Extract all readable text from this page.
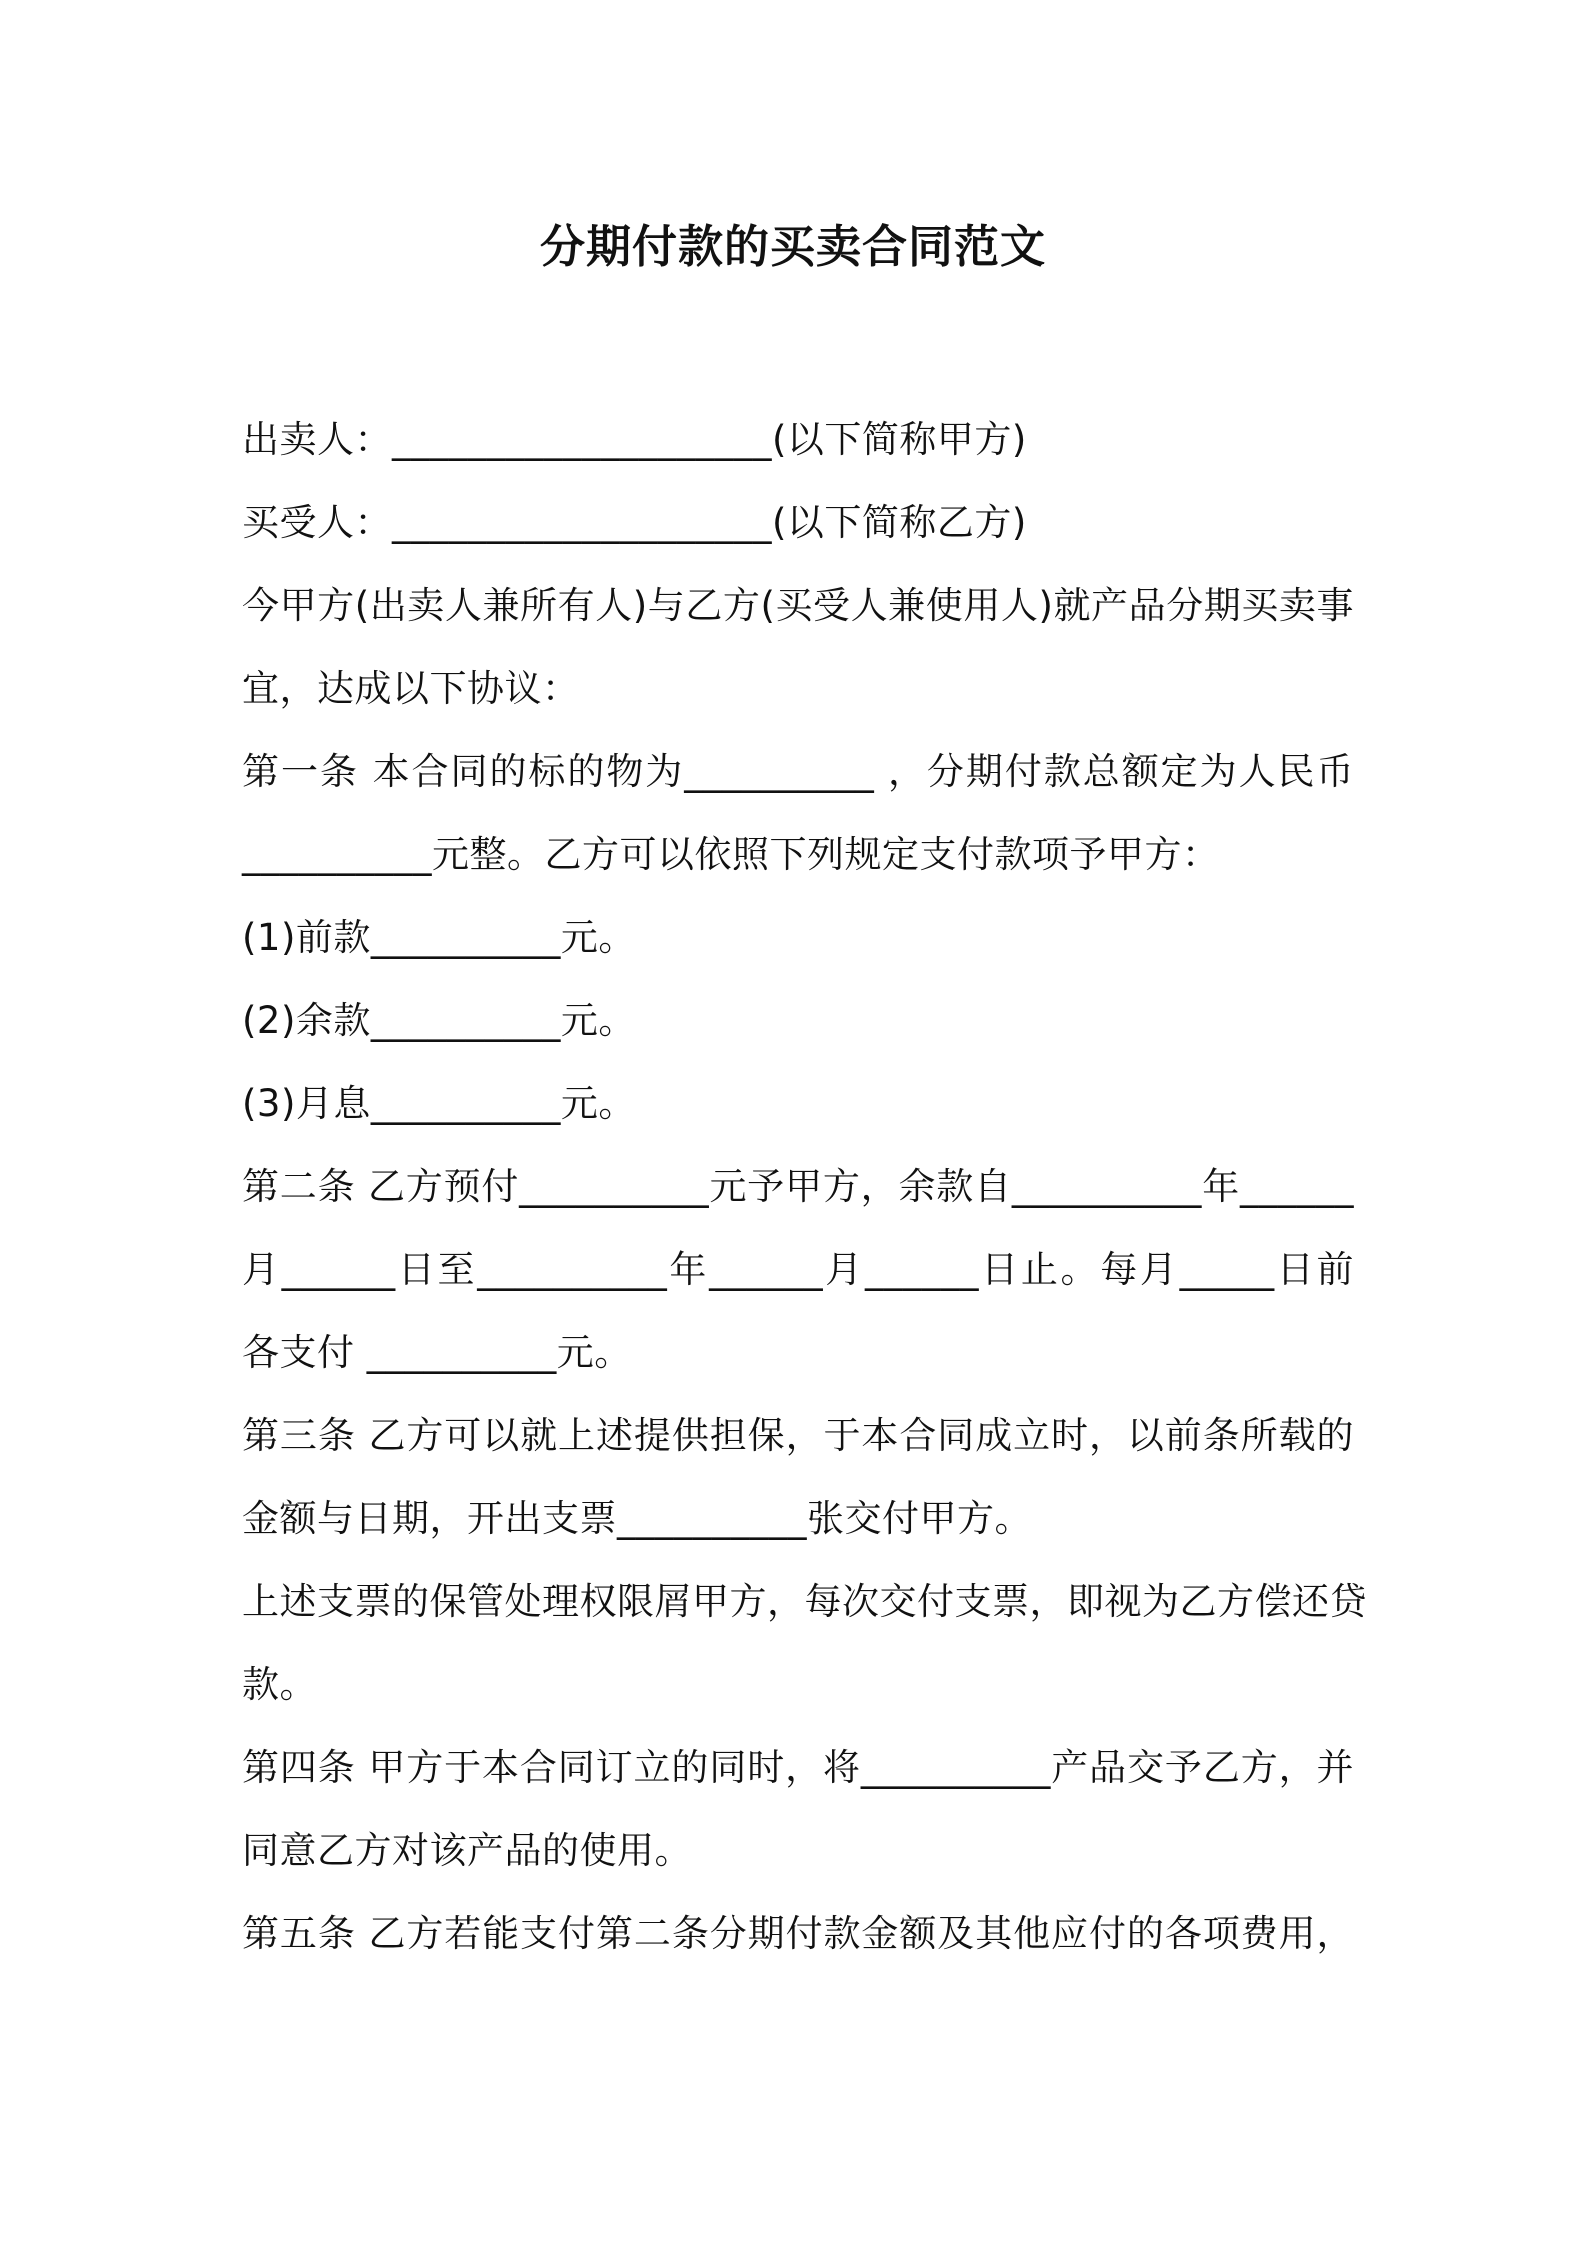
分期付款的买卖合同范文
出卖人：____________________(以下简称甲方)
买受人：____________________(以下简称乙方)
今甲方(出卖人兼所有人)与乙方(买受人兼使用人)就产品分期买卖事
宜，达成以下协议：
第一条 本合同的标的物为__________ ，分期付款总额定为人民币
__________元整。乙方可以依照下列规定支付款项予甲方：
(1)前款__________元。
(2)余款__________元。
(3)月息__________元。
第二条 乙方预付__________元予甲方，余款自__________年______
月______日至__________年______月______日止。每月_____日前
各支付 __________元。
第三条 乙方可以就上述提供担保，于本合同成立时，以前条所载的
金额与日期，开出支票__________张交付甲方。
上述支票的保管处理权限屑甲方，每次交付支票，即视为乙方偿还贷
款。
第四条 甲方于本合同订立的同时，将__________产品交予乙方，并
同意乙方对该产品的使用。
第五条 乙方若能支付第二条分期付款金额及其他应付的各项费用，
